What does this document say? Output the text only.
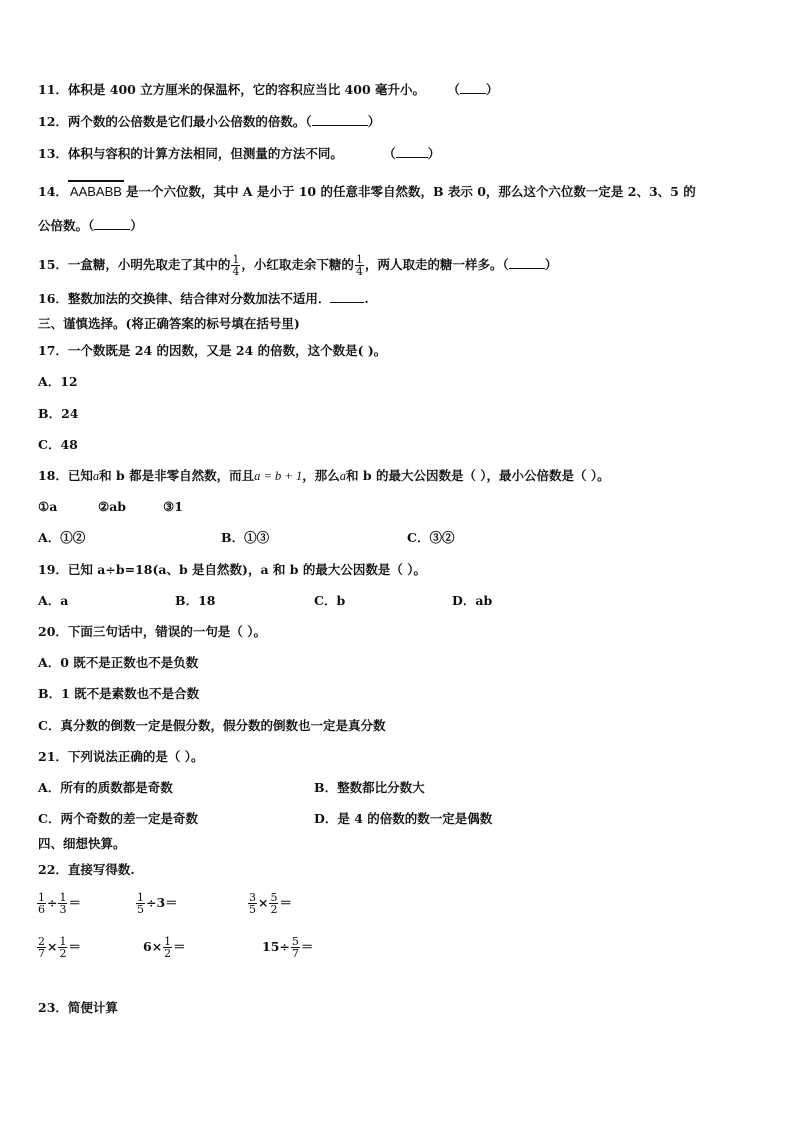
11．体积是 400 立方厘米的保温杯，它的容积应当比 400 毫升小。 （ ）
12．两个数的公倍数是它们最小公倍数的倍数。（	）
13．体积与容积的计算方法相同，但测量的方法不同。	（	）
14． AABABB 是一个六位数，其中 A 是小于 10 的任意非零自然数，B 表示 0，那么这个六位数一定是 2、3、5 的
公倍数。（	）
15．一盒糖，小明先取走了其中的 $\frac{1}{4}$ ，小红取走余下糖的 $\frac{1}{4}$ ，两人取走的糖一样多。（	）
16．整数加法的交换律、结合律对分数加法不适用．	.
三、谨慎选择。(将正确答案的标号填在括号里)
17．一个数既是 24 的因数，又是 24 的倍数，这个数是( )。
A．12
B．24
C．48
18．已知a和 b 都是非零自然数，而且a = b + 1，那么a和 b 的最大公因数是（ ），最小公倍数是（ ）。
①a	②ab	③1
A．①②	B．①③	C．③②
19．已知 a÷b=18(a、b 是自然数)，a 和 b 的最大公因数是（ ）。
A．a	B．18	C．b	D．ab
20．下面三句话中，错误的一句是（ ）。
A．0 既不是正数也不是负数
B．1 既不是素数也不是合数
C．真分数的倒数一定是假分数，假分数的倒数也一定是真分数
21．下列说法正确的是（ ）。
A．所有的质数都是奇数	B．整数都比分数大
C．两个奇数的差一定是奇数	D．是 4 的倍数的数一定是偶数
四、细想快算。
22．直接写得数.
$\frac{1}{6} \div \frac{1}{3}$ ＝	$\frac{1}{5} \div 3=$	$\frac{3}{5} \times \frac{5}{2}$ ＝
$\frac{2}{7} \times \frac{1}{2}$ ＝	$6\times \frac{1}{2}$ ＝	$15\div \frac{5}{7}$ ＝
23．简便计算
